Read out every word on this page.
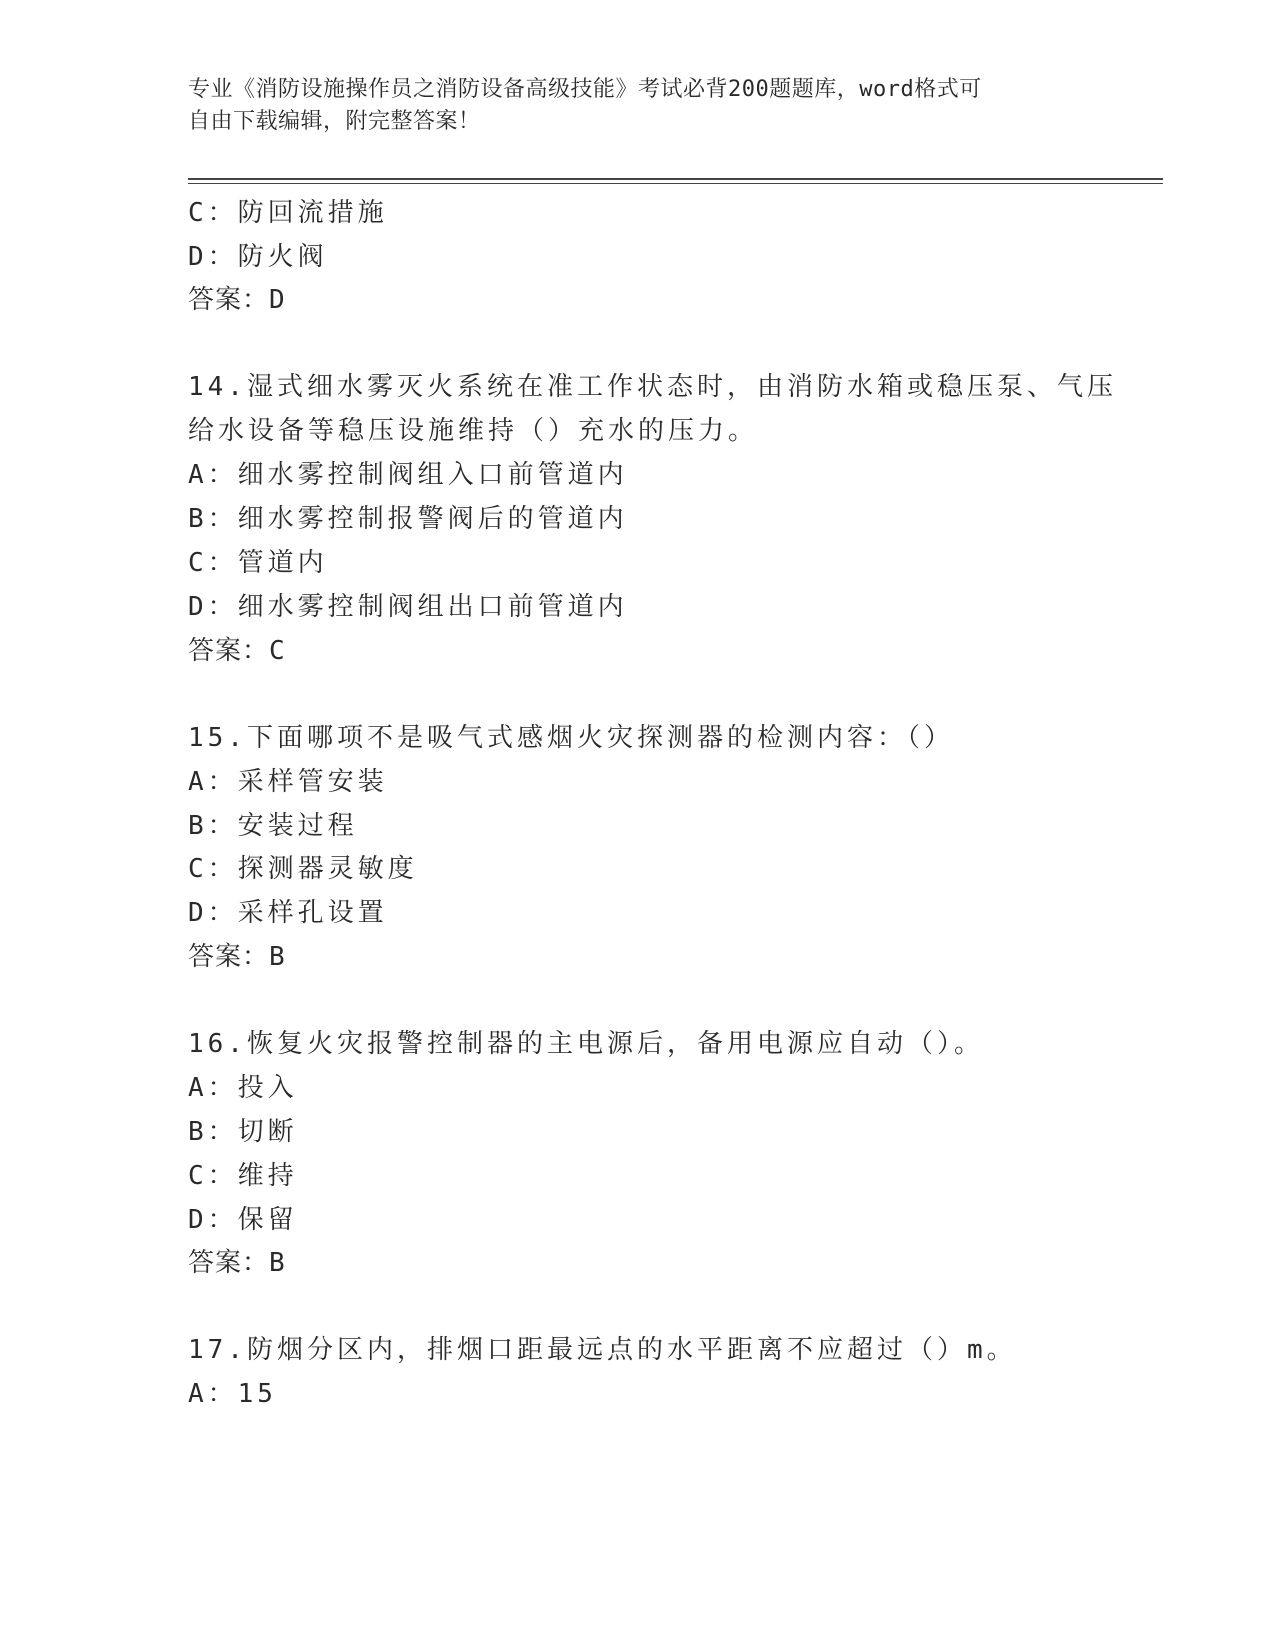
专业《消防设施操作员之消防设备高级技能》考试必背200题题库，word格式可
自由下载编辑，附完整答案！
C：防回流措施
D：防火阀
答案：D
14.湿式细水雾灭火系统在准工作状态时，由消防水箱或稳压泵、气压
给水设备等稳压设施维持（）充水的压力。
A：细水雾控制阀组入口前管道内
B：细水雾控制报警阀后的管道内
C：管道内
D：细水雾控制阀组出口前管道内
答案：C
15.下面哪项不是吸气式感烟火灾探测器的检测内容：（）
A：采样管安装
B：安装过程
C：探测器灵敏度
D：采样孔设置
答案：B
16.恢复火灾报警控制器的主电源后，备用电源应自动（）。
A：投入
B：切断
C：维持
D：保留
答案：B
17.防烟分区内，排烟口距最远点的水平距离不应超过（）m。
A：15
